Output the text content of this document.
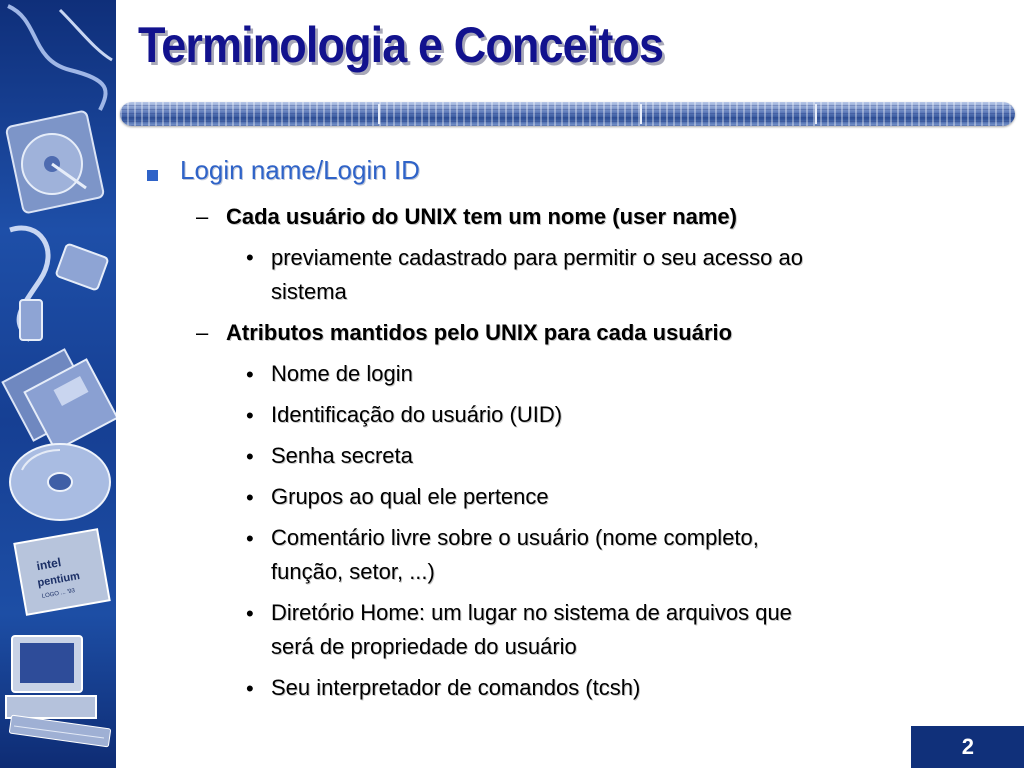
intel
pentium
LOGO ... '93
Terminologia e Conceitos
Login name/Login ID
– Cada usuário do UNIX tem um nome (user name)
• previamente cadastrado para permitir o seu acesso ao
sistema
– Atributos mantidos pelo UNIX para cada usuário
• Nome de login
• Identificação do usuário (UID)
• Senha secreta
• Grupos ao qual ele pertence
• Comentário livre sobre o usuário (nome completo,
função, setor, ...)
• Diretório Home: um lugar no sistema de arquivos que
será de propriedade do usuário
• Seu interpretador de comandos (tcsh)
2
